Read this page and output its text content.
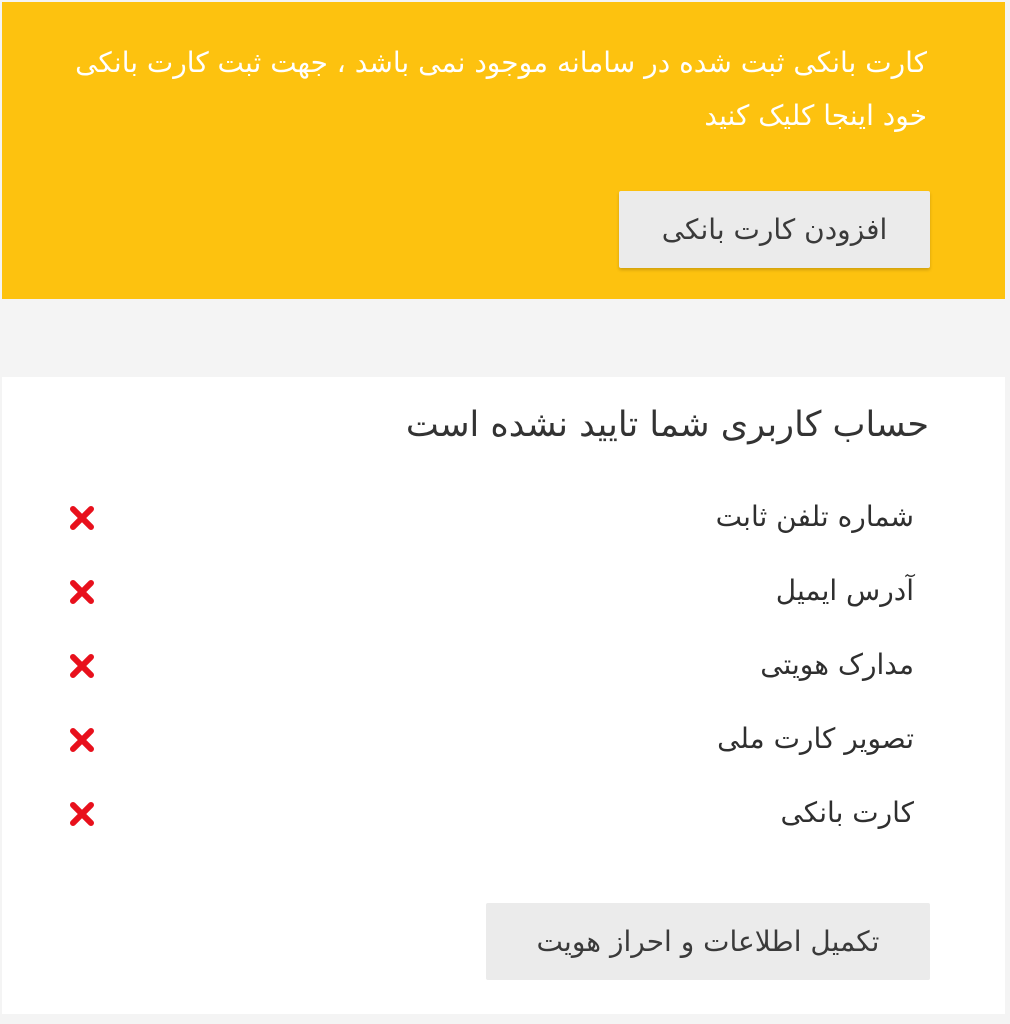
کارت بانکی ثبت شده در سامانه موجود نمی باشد ، جهت ثبت کارت بانکی خود اینجا کلیک کنید
افزودن کارت بانکی
حساب کاربری شما تایید نشده است
شماره تلفن ثابت
آدرس ایمیل
مدارک هویتی
تصویر کارت ملی
کارت بانکی
تکمیل اطلاعات و احراز هویت
